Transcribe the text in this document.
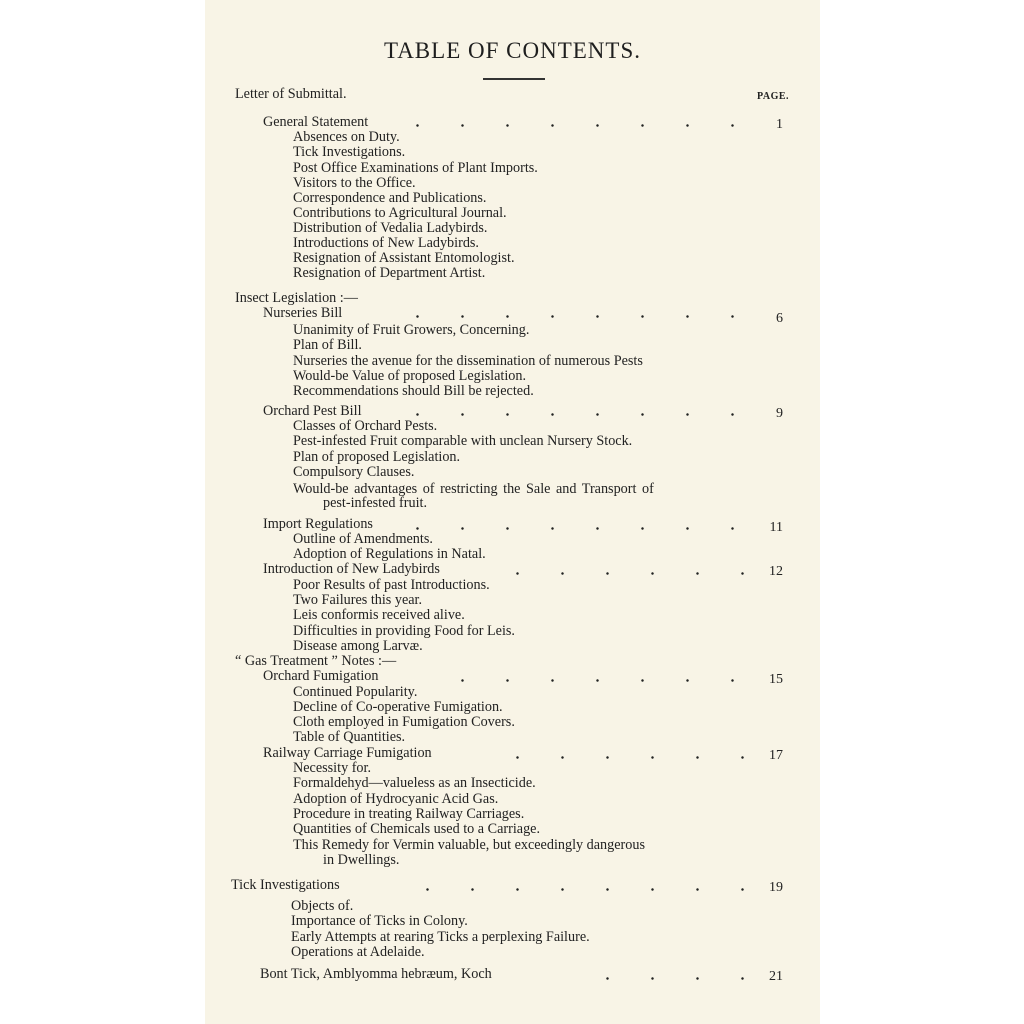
TABLE OF CONTENTS.
PAGE.
Letter of Submittal.
General Statement	1
Absences on Duty.
Tick Investigations.
Post Office Examinations of Plant Imports.
Visitors to the Office.
Correspondence and Publications.
Contributions to Agricultural Journal.
Distribution of Vedalia Ladybirds.
Introductions of New Ladybirds.
Resignation of Assistant Entomologist.
Resignation of Department Artist.
Insect Legislation :—
Nurseries Bill	6
Unanimity of Fruit Growers, Concerning.
Plan of Bill.
Nurseries the avenue for the dissemination of numerous Pests
Would-be Value of proposed Legislation.
Recommendations should Bill be rejected.
Orchard Pest Bill	9
Classes of Orchard Pests.
Pest-infested Fruit comparable with unclean Nursery Stock.
Plan of proposed Legislation.
Compulsory Clauses.
Would-be advantages of restricting the Sale and Transport of
pest-infested fruit.
Import Regulations	11
Outline of Amendments.
Adoption of Regulations in Natal.
Introduction of New Ladybirds	12
Poor Results of past Introductions.
Two Failures this year.
Leis conformis received alive.
Difficulties in providing Food for Leis.
Disease among Larvæ.
“ Gas Treatment ” Notes :—
Orchard Fumigation	15
Continued Popularity.
Decline of Co-operative Fumigation.
Cloth employed in Fumigation Covers.
Table of Quantities.
Railway Carriage Fumigation	17
Necessity for.
Formaldehyd—valueless as an Insecticide.
Adoption of Hydrocyanic Acid Gas.
Procedure in treating Railway Carriages.
Quantities of Chemicals used to a Carriage.
This Remedy for Vermin valuable, but exceedingly dangerous
in Dwellings.
Tick Investigations	19
Objects of.
Importance of Ticks in Colony.
Early Attempts at rearing Ticks a perplexing Failure.
Operations at Adelaide.
Bont Tick, Amblyomma hebræum, Koch	21
